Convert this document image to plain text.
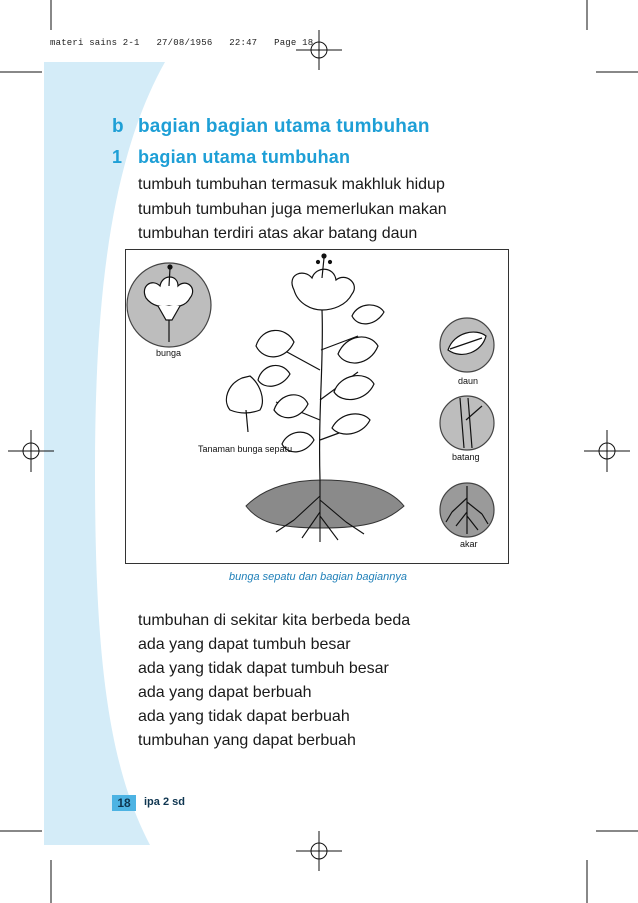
materi sains 2-1 27/08/1956 22:47 Page 18
b bagian bagian utama tumbuhan
1 bagian utama tumbuhan
tumbuh tumbuhan termasuk makhluk hidup
tumbuh tumbuhan juga memerlukan makan
tumbuhan terdiri atas akar batang daun
bunga
daun
batang
akar
Tanaman bunga sepatu
bunga sepatu dan bagian bagiannya
tumbuhan di sekitar kita berbeda beda
ada yang dapat tumbuh besar
ada yang tidak dapat tumbuh besar
ada yang dapat berbuah
ada yang tidak dapat berbuah
tumbuhan yang dapat berbuah
18	ipa 2 sd
